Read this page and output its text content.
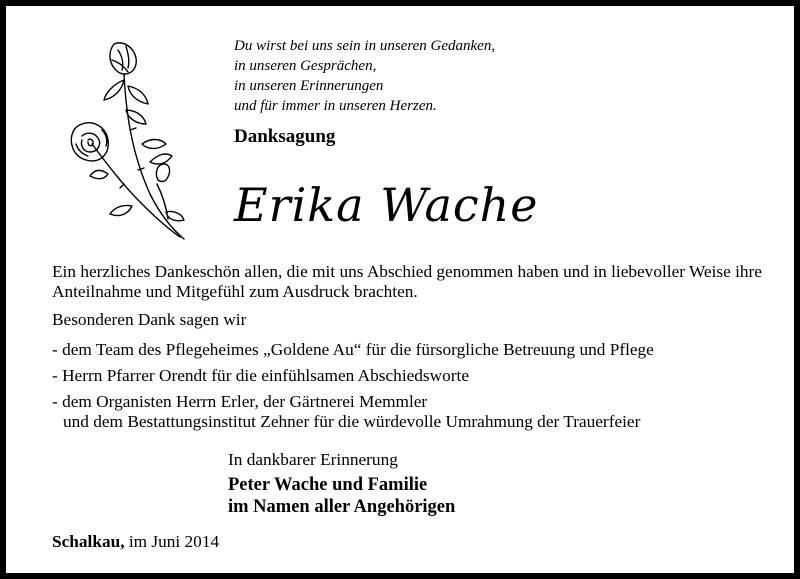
Du wirst bei uns sein in unseren Gedanken,
in unseren Gesprächen,
in unseren Erinnerungen
und für immer in unseren Herzen.
Danksagung
Erika Wache

Ein herzliches Dankeschön allen, die mit uns Abschied genommen haben und in liebevoller Weise ihre Anteilnahme und Mitgefühl zum Ausdruck brachten.

Besonderen Dank sagen wir

- dem Team des Pflegeheimes „Goldene Au“ für die fürsorgliche Betreuung und Pflege
- Herrn Pfarrer Orendt für die einfühlsamen Abschiedsworte
- dem Organisten Herrn Erler, der Gärtnerei Memmler
und dem Bestattungsinstitut Zehner für die würdevolle Umrahmung der Trauerfeier
In dankbarer Erinnerung
Peter Wache und Familie
im Namen aller Angehörigen
Schalkau, im Juni 2014
